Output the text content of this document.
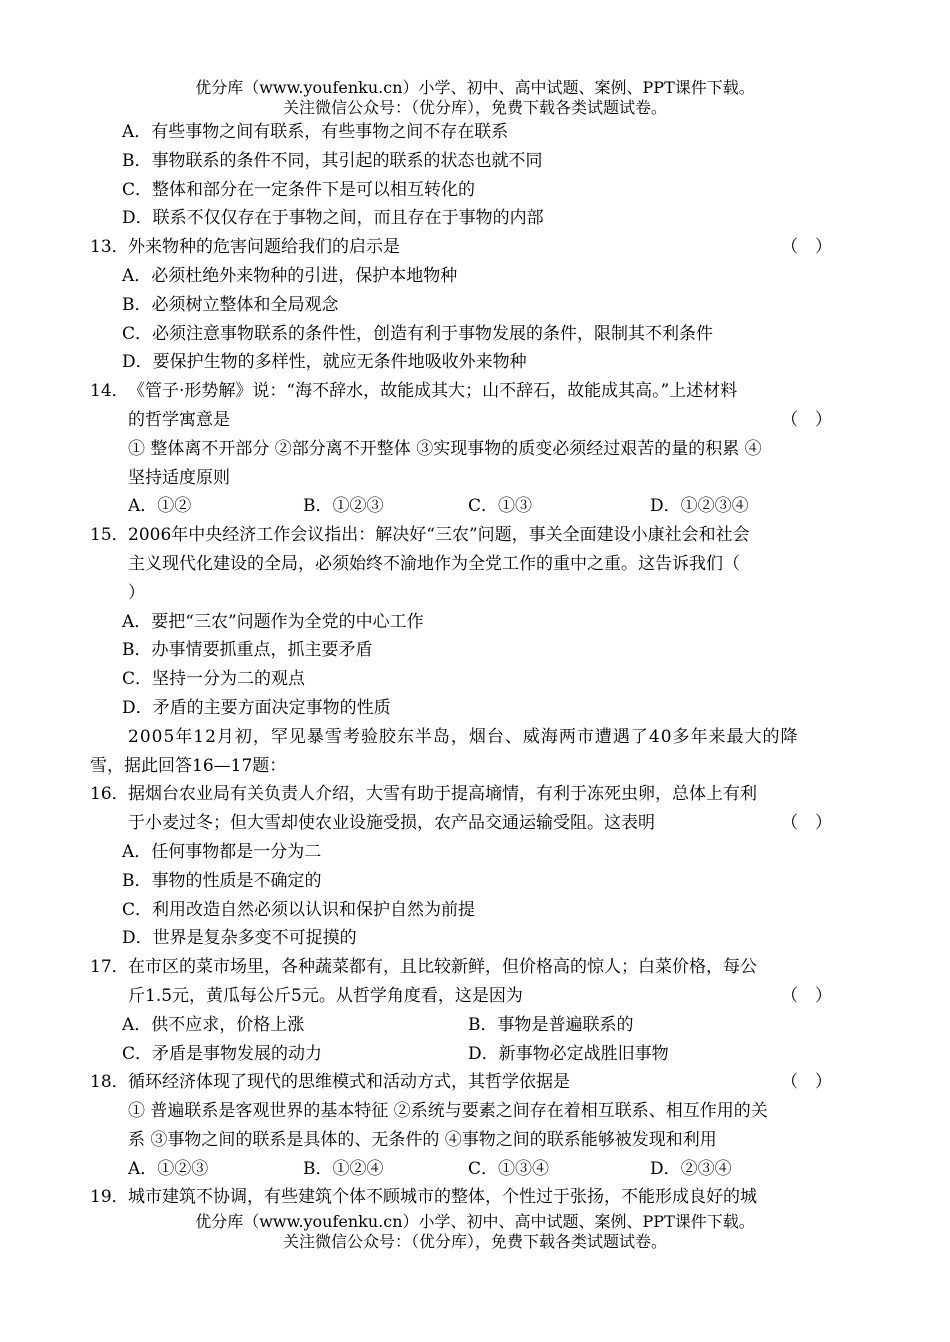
优分库（www.youfenku.cn）小学、初中、高中试题、案例、PPT课件下载。
关注微信公众号：（优分库），免费下载各类试题试卷。
A．有些事物之间有联系，有些事物之间不存在联系
B．事物联系的条件不同，其引起的联系的状态也就不同
C．整体和部分在一定条件下是可以相互转化的
D．联系不仅仅存在于事物之间，而且存在于事物的内部
13．外来物种的危害问题给我们的启示是	（　）
A．必须杜绝外来物种的引进，保护本地物种
B．必须树立整体和全局观念
C．必须注意事物联系的条件性，创造有利于事物发展的条件，限制其不利条件
D．要保护生物的多样性，就应无条件地吸收外来物种
14．《管子·形势解》说：“海不辞水，故能成其大；山不辞石，故能成其高。”上述材料
的哲学寓意是	（　）
① 整体离不开部分 ②部分离不开整体 ③实现事物的质变必须经过艰苦的量的积累 ④
坚持适度原则
A．①②	B．①②③	C．①③	D．①②③④
15．2006年中央经济工作会议指出：解决好“三农”问题，事关全面建设小康社会和社会
主义现代化建设的全局，必须始终不渝地作为全党工作的重中之重。这告诉我们（
）
A．要把“三农”问题作为全党的中心工作
B．办事情要抓重点，抓主要矛盾
C．坚持一分为二的观点
D．矛盾的主要方面决定事物的性质
2005年12月初，罕见暴雪考验胶东半岛，烟台、威海两市遭遇了40多年来最大的降
雪，据此回答16—17题：
16．据烟台农业局有关负责人介绍，大雪有助于提高墒情，有利于冻死虫卵，总体上有利
于小麦过冬；但大雪却使农业设施受损，农产品交通运输受阻。这表明	（　）
A．任何事物都是一分为二
B．事物的性质是不确定的
C．利用改造自然必须以认识和保护自然为前提
D．世界是复杂多变不可捉摸的
17．在市区的菜市场里，各种蔬菜都有，且比较新鲜，但价格高的惊人；白菜价格，每公
斤1.5元，黄瓜每公斤5元。从哲学角度看，这是因为	（　）
A．供不应求，价格上涨	B．事物是普遍联系的
C．矛盾是事物发展的动力	D．新事物必定战胜旧事物
18．循环经济体现了现代的思维模式和活动方式，其哲学依据是	（　）
① 普遍联系是客观世界的基本特征 ②系统与要素之间存在着相互联系、相互作用的关
系 ③事物之间的联系是具体的、无条件的 ④事物之间的联系能够被发现和利用
A．①②③	B．①②④	C．①③④	D．②③④
19．城市建筑不协调，有些建筑个体不顾城市的整体，个性过于张扬，不能形成良好的城
优分库（www.youfenku.cn）小学、初中、高中试题、案例、PPT课件下载。
关注微信公众号：（优分库），免费下载各类试题试卷。
